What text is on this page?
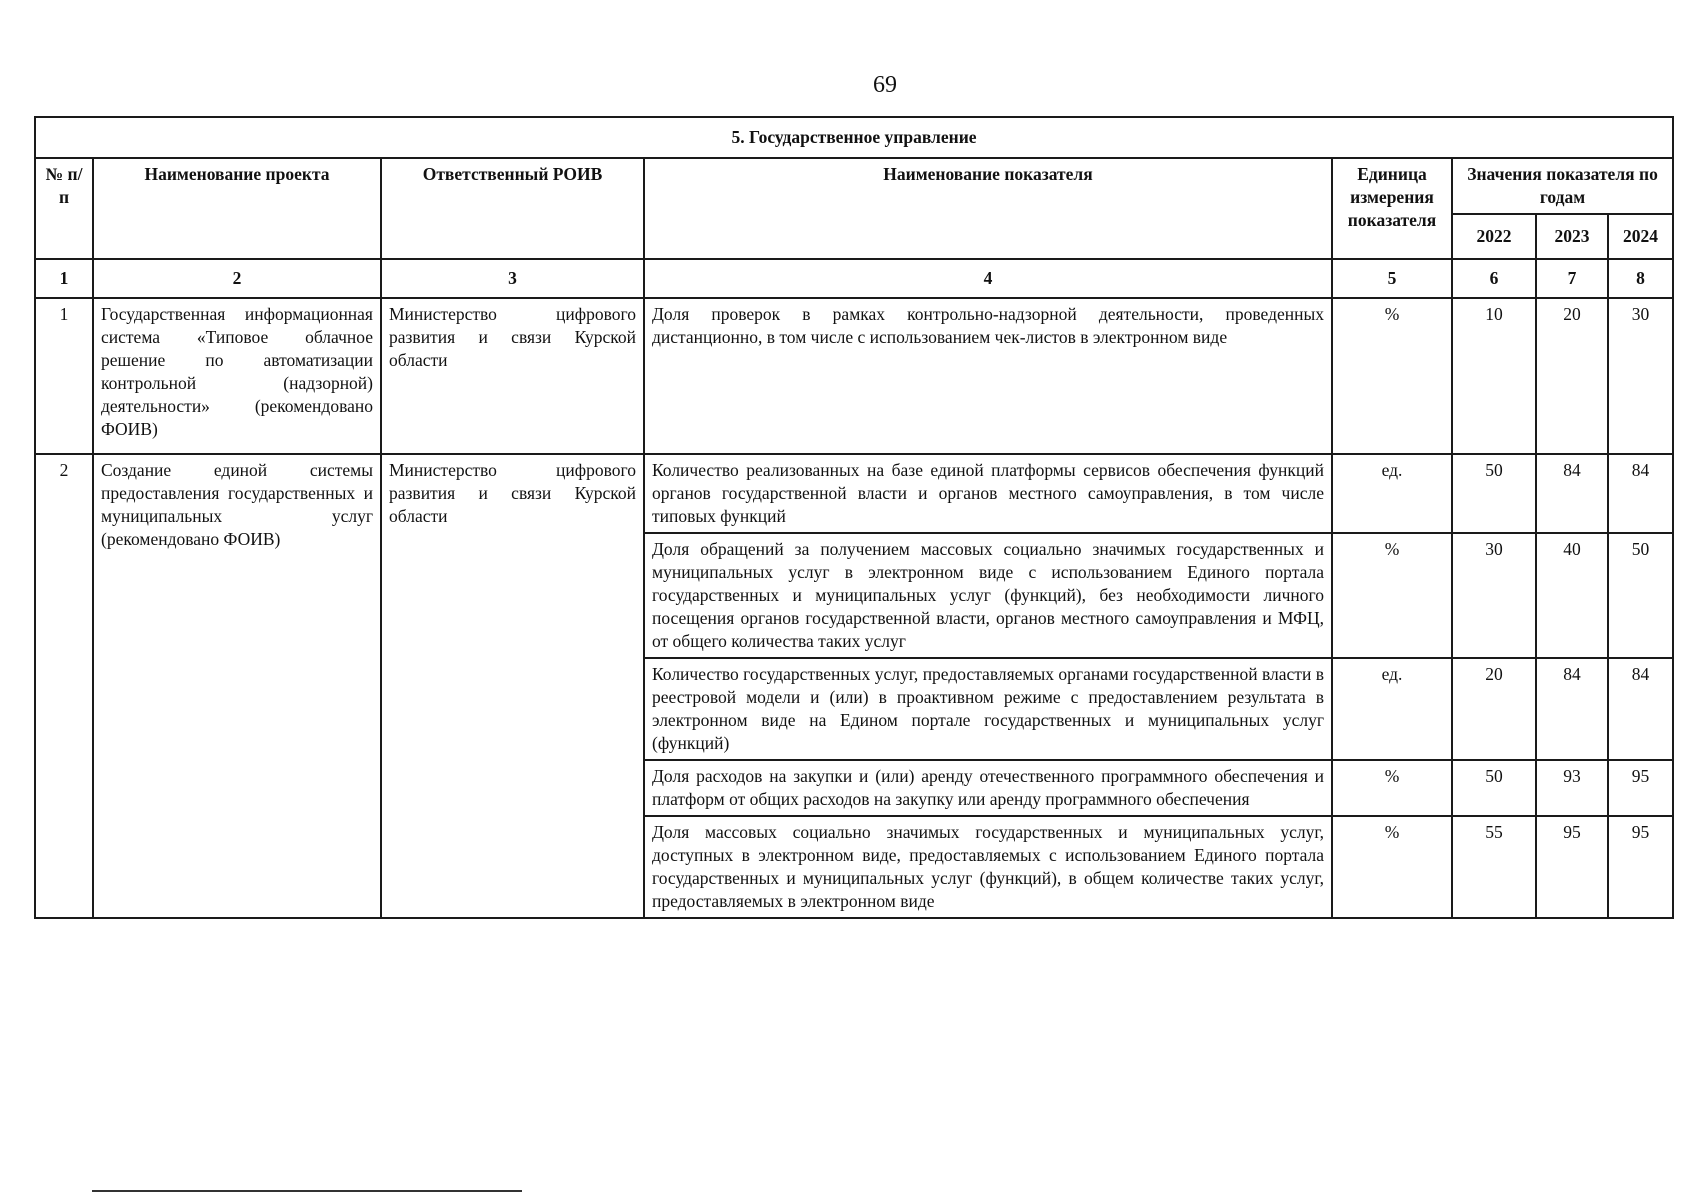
69
5. Государственное управление							
№ п/п	Наименование проекта	Ответственный РОИВ	Наименование показателя	Единица измерения показателя	Значения показателя по годам		
					2022	2023	2024
1	2	3	4	5	6	7	8
1	Государственная информационная система «Типовое облачное решение по автоматизации контрольной (надзорной) деятельности» (рекомендовано ФОИВ)	Министерство цифрового развития и связи Курской области	Доля проверок в рамках контрольно-надзорной деятельности, проведенных дистанционно, в том числе с использованием чек-листов в электронном виде	%	10	20	30
2	Создание единой системы предоставления государственных и муниципальных услуг (рекомендовано ФОИВ)	Министерство цифрового развития и связи Курской области	Количество реализованных на базе единой платформы сервисов обеспечения функций органов государственной власти и органов местного самоуправления, в том числе типовых функций	ед.	50	84	84
			Доля обращений за получением массовых социально значимых государственных и муниципальных услуг в электронном виде с использованием Единого портала государственных и муниципальных услуг (функций), без необходимости личного посещения органов государственной власти, органов местного самоуправления и МФЦ, от общего количества таких услуг	%	30	40	50
			Количество государственных услуг, предоставляемых органами государственной власти в реестровой модели и (или) в проактивном режиме с предоставлением результата в электронном виде на Едином портале государственных и муниципальных услуг (функций)	ед.	20	84	84
			Доля расходов на закупки и (или) аренду отечественного программного обеспечения и платформ от общих расходов на закупку или аренду программного обеспечения	%	50	93	95
			Доля массовых социально значимых государственных и муниципальных услуг, доступных в электронном виде, предоставляемых с использованием Единого портала государственных и муниципальных услуг (функций), в общем количестве таких услуг, предоставляемых в электронном виде	%	55	95	95
